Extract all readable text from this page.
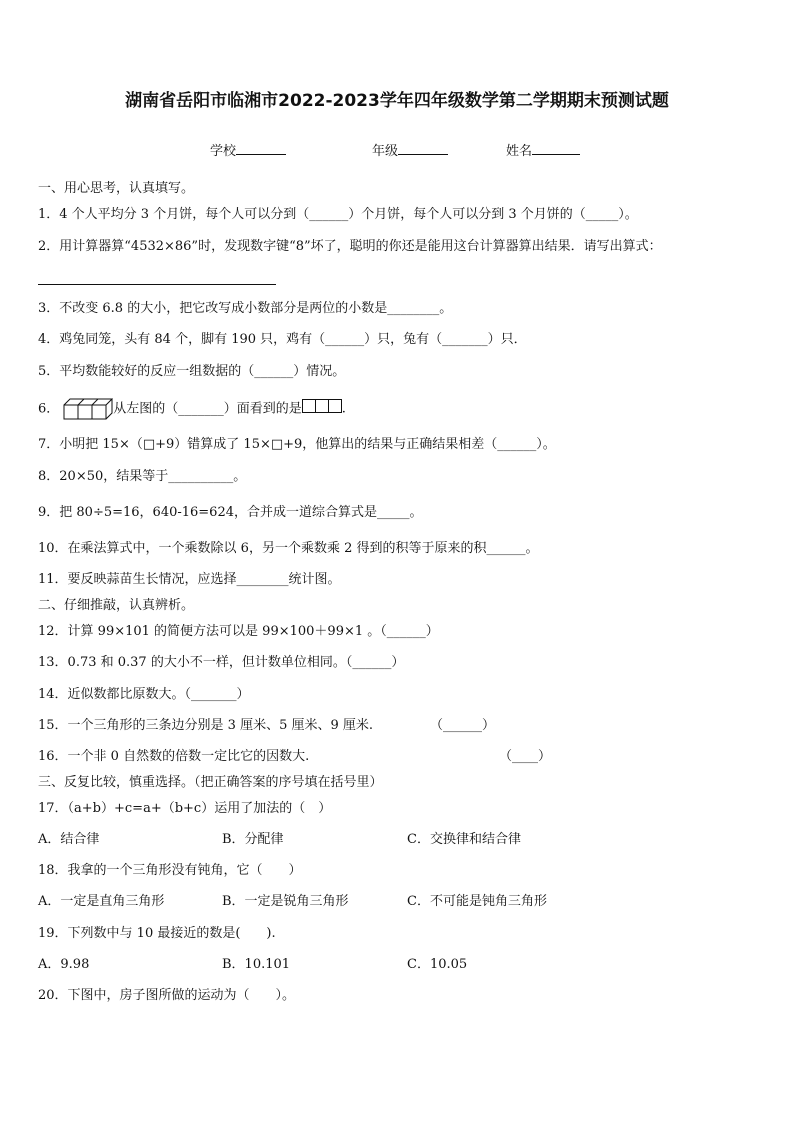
湖南省岳阳市临湘市2022-2023学年四年级数学第二学期期末预测试题
学校	年级	姓名
一、用心思考，认真填写。
1．4 个人平均分 3 个月饼，每个人可以分到（______）个月饼，每个人可以分到 3 个月饼的（_____）。
2．用计算器算“4532×86”时，发现数字键“8”坏了，聪明的你还是能用这台计算器算出结果．请写出算式：
3．不改变 6.8 的大小，把它改写成小数部分是两位的小数是________。
4．鸡兔同笼，头有 84 个，脚有 190 只，鸡有（______）只，兔有（_______）只．
5．平均数能较好的反应一组数据的（______）情况。
6．	从左图的（_______）面看到的是	.
7．小明把 15×（□+9）错算成了 15×□+9，他算出的结果与正确结果相差（______）。
8．20×50，结果等于__________。
9．把 80÷5=16，640-16=624，合并成一道综合算式是_____。
10．在乘法算式中，一个乘数除以 6，另一个乘数乘 2 得到的积等于原来的积______。
11．要反映蒜苗生长情况，应选择________统计图。
二、仔细推敲，认真辨析。
12．计算 99×101 的简便方法可以是 99×100＋99×1 。（______）
13．0.73 和 0.37 的大小不一样，但计数单位相同。（______）
14．近似数都比原数大。（_______）
15．一个三角形的三条边分别是 3 厘米、5 厘米、9 厘米.	（______）
16．一个非 0 自然数的倍数一定比它的因数大.	（____）
三、反复比较，慎重选择。（把正确答案的序号填在括号里）
17．（a+b）+c=a+（b+c）运用了加法的（　）
A．结合律	B．分配律	C．交换律和结合律
18．我拿的一个三角形没有钝角，它（　　）
A．一定是直角三角形	B．一定是锐角三角形	C．不可能是钝角三角形
19．下列数中与 10 最接近的数是(　　).
A．9.98	B．10.101	C．10.05
20．下图中，房子图所做的运动为（　　）。
